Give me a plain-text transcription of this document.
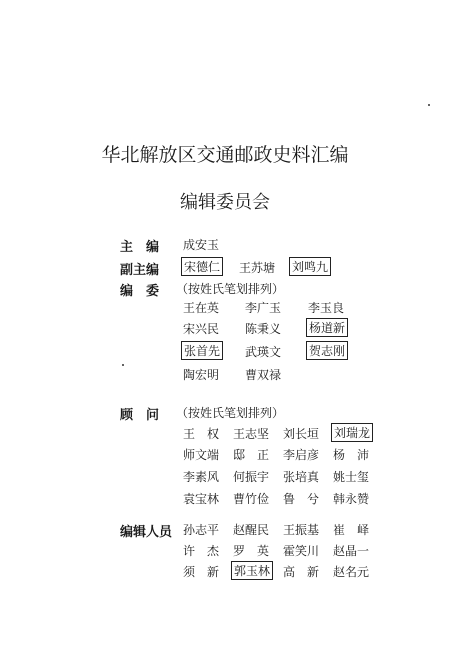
华北解放区交通邮政史料汇编
编辑委员会
主　编 成安玉
副主编 宋德仁 王苏塘 刘鸣九
编　委 （按姓氏笔划排列）
王在英 李广玉 李玉良
宋兴民 陈秉义 杨道新
张首先 武瑛文 贺志刚
陶宏明 曹双禄
顾　问 （按姓氏笔划排列）
王　权 王志坚 刘长垣 刘瑞龙
师文端 邸　正 李启彦 杨　沛
李素风 何振宇 张培真 姚士玺
袁宝林 曹竹俭 鲁　兮 韩永赞
编辑人员 孙志平 赵醒民 王振基 崔　峄
许　杰 罗　英 霍笑川 赵晶一
须　新 郭玉林 高　新 赵名元
